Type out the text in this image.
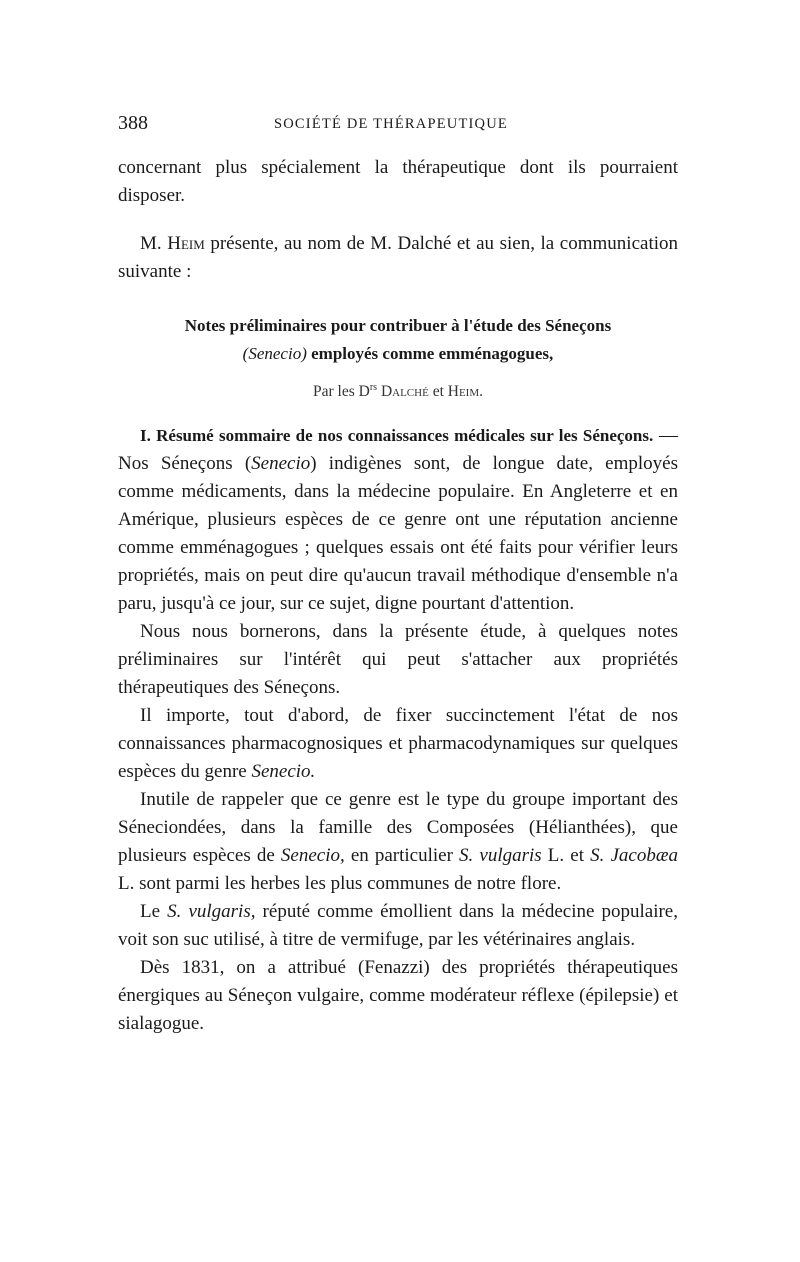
388	SOCIÉTÉ DE THÉRAPEUTIQUE

concernant plus spécialement la thérapeutique dont ils pourraient disposer.

M. Heim présente, au nom de M. Dalché et au sien, la communication suivante :

Notes préliminaires pour contribuer à l'étude des Séneçons
(Senecio) employés comme emménagogues,
Par les $D^{rs}$ Dalché et Heim.

I. Résumé sommaire de nos connaissances médicales sur les Séneçons. — Nos Séneçons (Senecio) indigènes sont, de longue date, employés comme médicaments, dans la médecine populaire. En Angleterre et en Amérique, plusieurs espèces de ce genre ont une réputation ancienne comme emménagogues ; quelques essais ont été faits pour vérifier leurs propriétés, mais on peut dire qu'aucun travail méthodique d'ensemble n'a paru, jusqu'à ce jour, sur ce sujet, digne pourtant d'attention.

Nous nous bornerons, dans la présente étude, à quelques notes préliminaires sur l'intérêt qui peut s'attacher aux propriétés thérapeutiques des Séneçons.

Il importe, tout d'abord, de fixer succinctement l'état de nos connaissances pharmacognosiques et pharmacodynamiques sur quelques espèces du genre Senecio.

Inutile de rappeler que ce genre est le type du groupe important des Séneciondées, dans la famille des Composées (Hélianthées), que plusieurs espèces de Senecio, en particulier S. vulgaris L. et S. Jacobæa L. sont parmi les herbes les plus communes de notre flore.

Le S. vulgaris, réputé comme émollient dans la médecine populaire, voit son suc utilisé, à titre de vermifuge, par les vétérinaires anglais.

Dès 1831, on a attribué (Fenazzi) des propriétés thérapeutiques énergiques au Séneçon vulgaire, comme modérateur réflexe (épilepsie) et sialagogue.
